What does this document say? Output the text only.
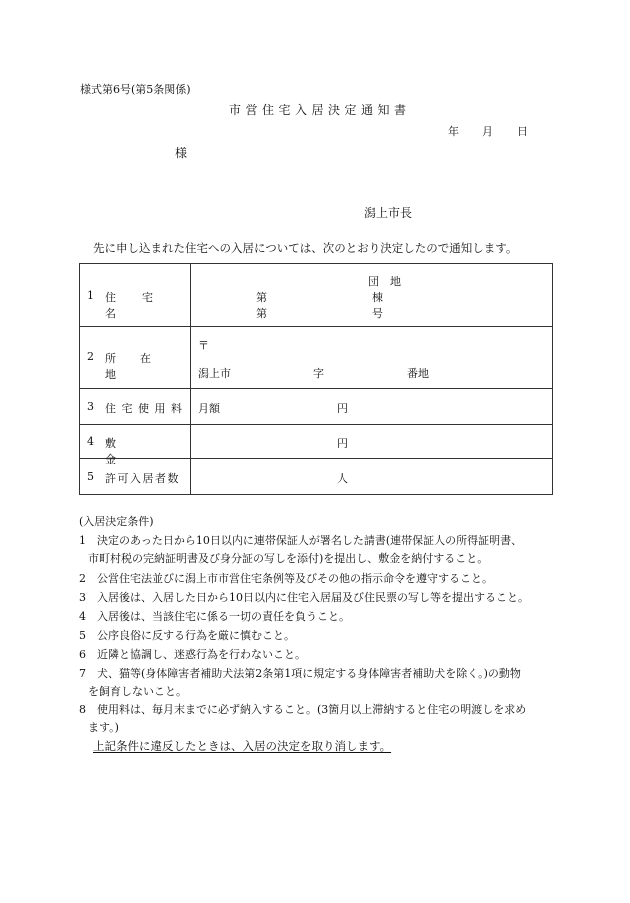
様式第6号(第5条関係)
市営住宅入居決定通知書
年 月 日
様
潟上市長
先に申し込まれた住宅への入居については、次のとおり決定したので通知します。
1 住宅名	団　地
第 棟
第 号

2 所在地	〒
潟上市 字 番地

3 住宅使用料	月額 円

4 敷金	円

5 許可入居者数	人
(入居決定条件)
1　 決定のあった日から10日以内に連帯保証人が署名した請書(連帯保証人の所得証明書、
市町村税の完納証明書及び身分証の写しを添付)を提出し、敷金を納付すること。
2　 公営住宅法並びに潟上市市営住宅条例等及びその他の指示命令を遵守すること。
3　 入居後は、入居した日から10日以内に住宅入居届及び住民票の写し等を提出すること。
4　 入居後は、当該住宅に係る一切の責任を負うこと。
5　 公序良俗に反する行為を厳に慎むこと。
6　 近隣と協調し、迷惑行為を行わないこと。
7　 犬、猫等(身体障害者補助犬法第2条第1項に規定する身体障害者補助犬を除く。)の動物
を飼育しないこと。
8　 使用料は、毎月末までに必ず納入すること。(3箇月以上滞納すると住宅の明渡しを求め
ます。)
上記条件に違反したときは、入居の決定を取り消します。
